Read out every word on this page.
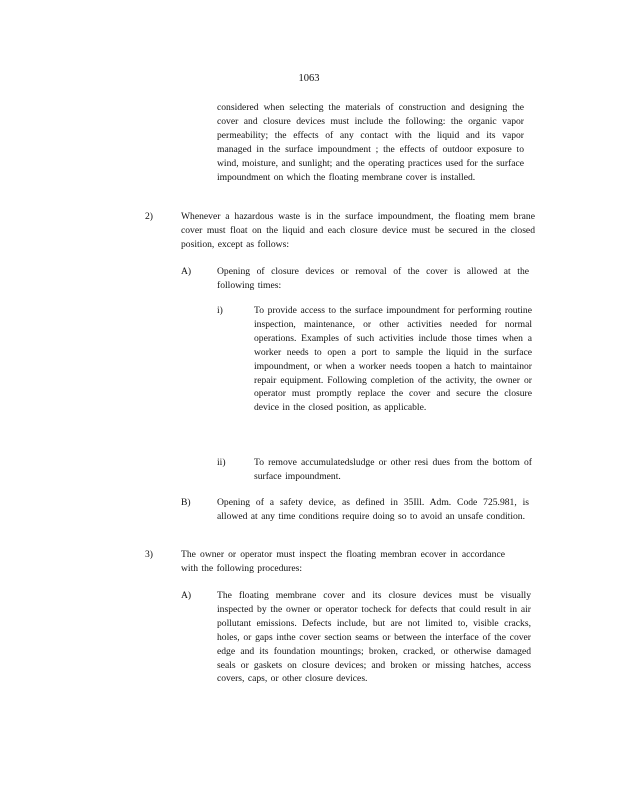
1063
considered when selecting the materials of construction and designing the cover and closure devices must include the following: the organic vapor permeability; the effects of any contact with the liquid and its vapor managed in the surface impoundment ; the effects of outdoor exposure to wind, moisture, and sunlight; and the operating practices used for the surface impoundment on which the floating membrane cover is installed.
2)	Whenever a hazardous waste is in the surface impoundment, the floating mem brane cover must float on the liquid and each closure device must be secured in the closed position, except as follows:
A)	Opening of closure devices or removal of the cover is allowed at the following times:
i)	To provide access to the surface impoundment for performing routine inspection, maintenance, or other activities needed for normal operations. Examples of such activities include those times when a worker needs to open a port to sample the liquid in the surface impoundment, or when a worker needs toopen a hatch to maintainor repair equipment. Following completion of the activity, the owner or operator must promptly replace the cover and secure the closure device in the closed position, as applicable.
ii)	To remove accumulatedsludge or other resi dues from the bottom of surface impoundment.
B)	Opening of a safety device, as defined in 35Ill. Adm. Code 725.981, is allowed at any time conditions require doing so to avoid an unsafe condition.
3)	The owner or operator must inspect the floating membran ecover in accordance with the following procedures:
A)	The floating membrane cover and its closure devices must be visually inspected by the owner or operator tocheck for defects that could result in air pollutant emissions. Defects include, but are not limited to, visible cracks, holes, or gaps inthe cover section seams or between the interface of the cover edge and its foundation mountings; broken, cracked, or otherwise damaged seals or gaskets on closure devices; and broken or missing hatches, access covers, caps, or other closure devices.
